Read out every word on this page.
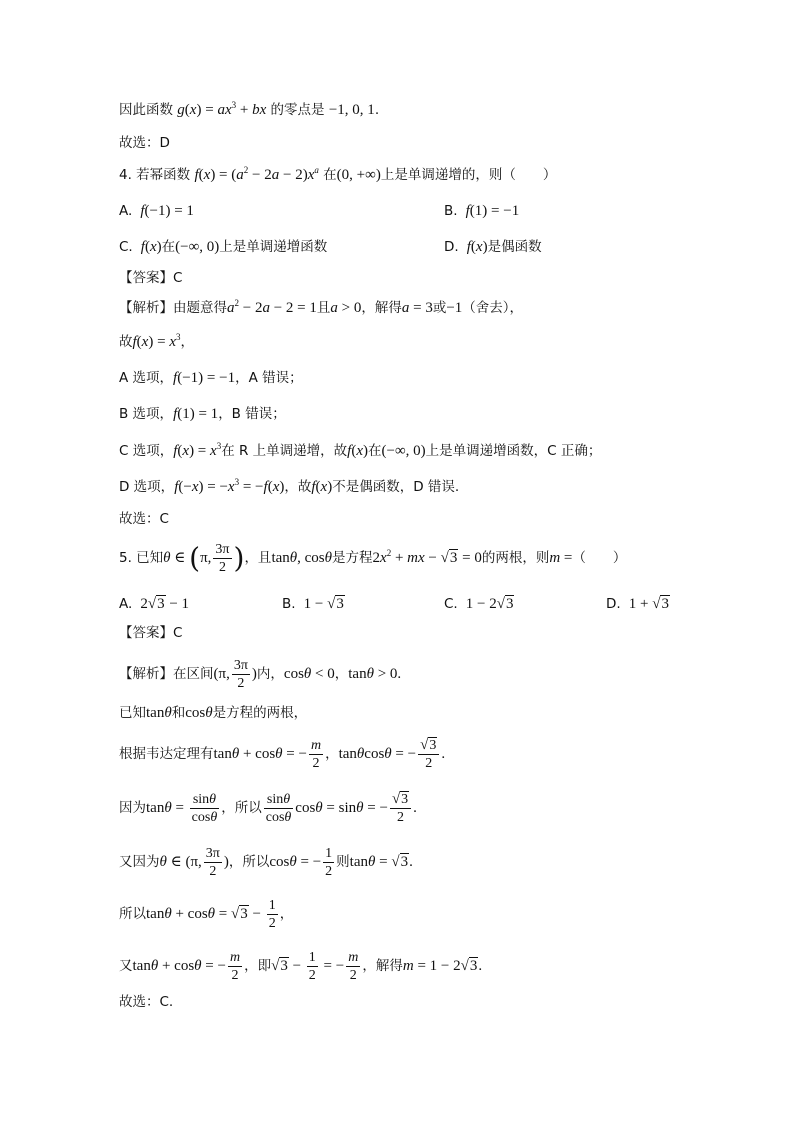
因此函数 $g(x) = ax^3$ + bx 的零点是 −1, 0, 1.
故选：D
4. 若幂函数 $f(x) = (a^2 - 2a - 2)x^a$ 在(0, +∞)上是单调递增的，则（　　）
A. f(−1) = 1	B. f(1) = −1
C. f(x)在(−∞, 0)上是单调递增函数	D. f(x)是偶函数
【答案】C
【解析】由题意得$a^2 - 2a - 2 = 1$且a > 0，解得a = 3或−1（舍去），
故$f(x) = x^3$，
A 选项，f(−1) = −1，A 错误；
B 选项，f(1) = 1，B 错误；
C 选项，$f(x) = x^3$在 R 上单调递增，故f(x)在(−∞, 0)上是单调递增函数，C 正确；
D 选项，$f(-x) = -x^3 = -f(x)$，故f(x)不是偶函数，D 错误.
故选：C
5. 已知θ ∈ (π, $\frac{3\pi}{2}$ )，且tanθ, cosθ是方程$2x^2$ + mx − √3 = 0的两根，则m =（　　）
A.  2√3 − 1	B.  1 − √3	C.  1 − 2√3	D.  1 + √3
【答案】C
【解析】在区间(π, $\frac{3\pi}{2}$ )内，cosθ < 0，tanθ > 0.
已知tanθ和cosθ是方程的两根，
根据韦达定理有tanθ + cosθ = − $\frac{m}{2}$ ，tanθcosθ = − $\frac{√3}{2}$ .
因为$\tan\theta = \frac{\sin\theta}{\cos\theta}$ ，所以 $\frac{\sin\theta}{\cos\theta}$ cosθ = sinθ = − $\frac{√3}{2}$ .
又因为θ ∈ (π, $\frac{3\pi}{2}$ )，所以cosθ = − $\frac{1}{2}$ 则tanθ = √3.
所以$\tan\theta + \cos\theta = √3 - \frac{1}{2}$ ，
又tanθ + cosθ = − $\frac{m}{2}$ ，即$√3 - \frac{1}{2}$ = − $\frac{m}{2}$ ，解得m = 1 − 2√3.
故选：C.
